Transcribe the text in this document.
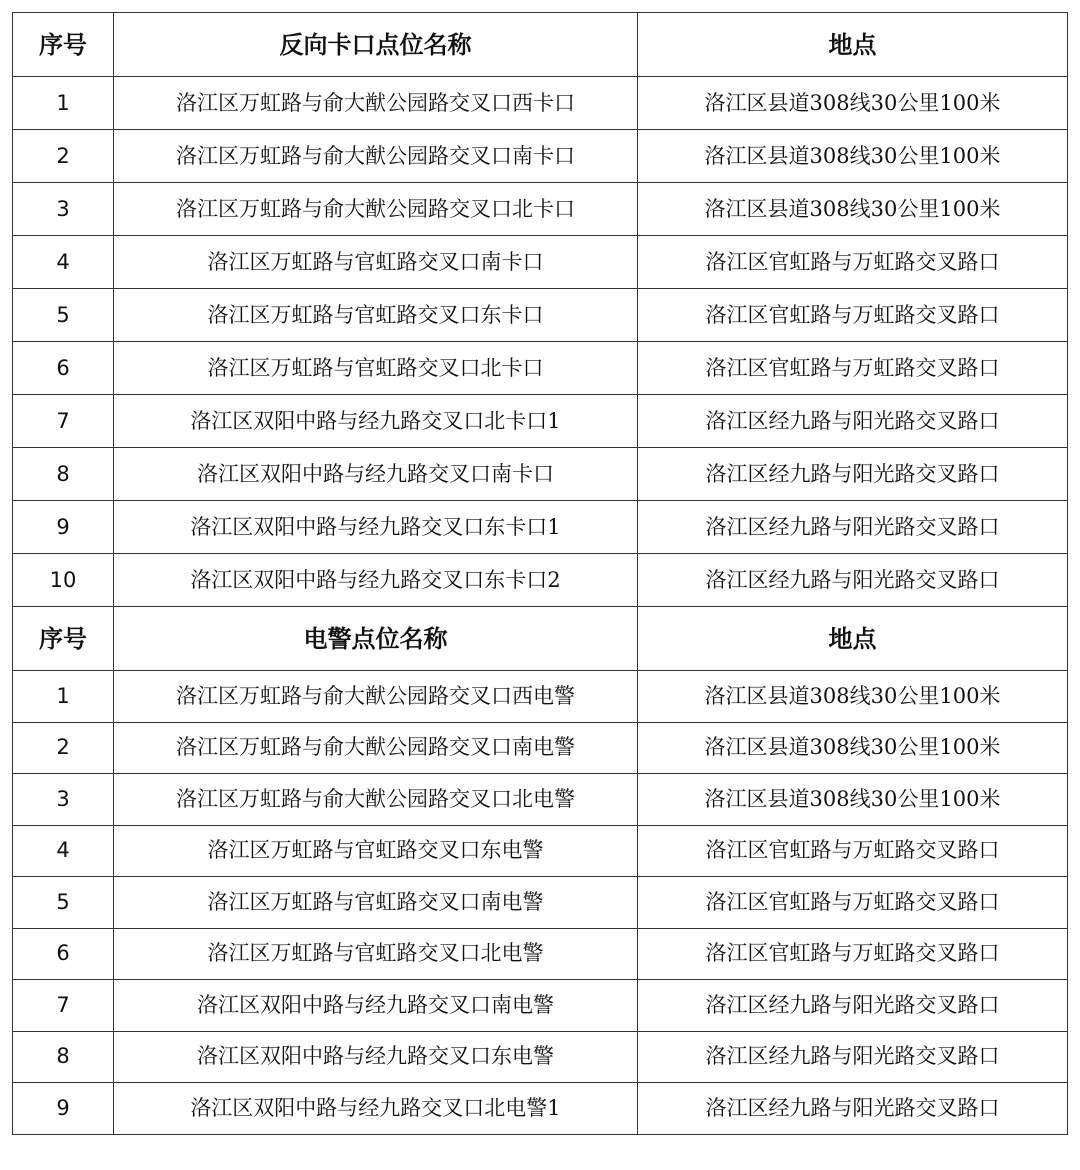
序号	反向卡口点位名称	地点
1	洛江区万虹路与俞大猷公园路交叉口西卡口	洛江区县道308线30公里100米
2	洛江区万虹路与俞大猷公园路交叉口南卡口	洛江区县道308线30公里100米
3	洛江区万虹路与俞大猷公园路交叉口北卡口	洛江区县道308线30公里100米
4	洛江区万虹路与官虹路交叉口南卡口	洛江区官虹路与万虹路交叉路口
5	洛江区万虹路与官虹路交叉口东卡口	洛江区官虹路与万虹路交叉路口
6	洛江区万虹路与官虹路交叉口北卡口	洛江区官虹路与万虹路交叉路口
7	洛江区双阳中路与经九路交叉口北卡口1	洛江区经九路与阳光路交叉路口
8	洛江区双阳中路与经九路交叉口南卡口	洛江区经九路与阳光路交叉路口
9	洛江区双阳中路与经九路交叉口东卡口1	洛江区经九路与阳光路交叉路口
10	洛江区双阳中路与经九路交叉口东卡口2	洛江区经九路与阳光路交叉路口
序号	电警点位名称	地点
1	洛江区万虹路与俞大猷公园路交叉口西电警	洛江区县道308线30公里100米
2	洛江区万虹路与俞大猷公园路交叉口南电警	洛江区县道308线30公里100米
3	洛江区万虹路与俞大猷公园路交叉口北电警	洛江区县道308线30公里100米
4	洛江区万虹路与官虹路交叉口东电警	洛江区官虹路与万虹路交叉路口
5	洛江区万虹路与官虹路交叉口南电警	洛江区官虹路与万虹路交叉路口
6	洛江区万虹路与官虹路交叉口北电警	洛江区官虹路与万虹路交叉路口
7	洛江区双阳中路与经九路交叉口南电警	洛江区经九路与阳光路交叉路口
8	洛江区双阳中路与经九路交叉口东电警	洛江区经九路与阳光路交叉路口
9	洛江区双阳中路与经九路交叉口北电警1	洛江区经九路与阳光路交叉路口
